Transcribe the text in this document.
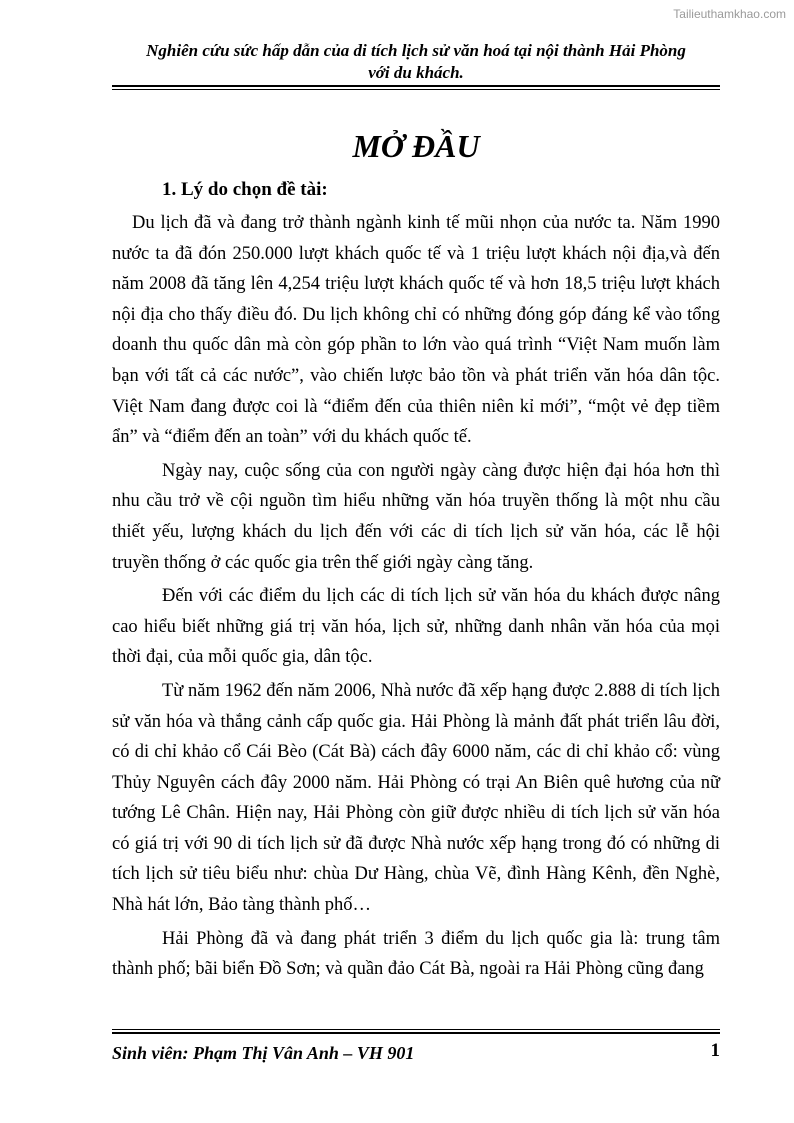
Tailieuthamkhao.com
Nghiên cứu sức hấp dẫn của di tích lịch sử văn hoá tại nội thành Hải Phòng
với du khách.
MỞ ĐẦU
1. Lý do chọn đề tài:

Du lịch đã và đang trở thành ngành kinh tế mũi nhọn của nước ta. Năm 1990 nước ta đã đón 250.000 lượt khách quốc tế và 1 triệu lượt khách nội địa,và đến năm 2008 đã tăng lên 4,254 triệu lượt khách quốc tế và hơn 18,5 triệu lượt khách nội địa cho thấy điều đó. Du lịch không chỉ có những đóng góp đáng kể vào tổng doanh thu quốc dân mà còn góp phần to lớn vào quá trình “Việt Nam muốn làm bạn với tất cả các nước”, vào chiến lược bảo tồn và phát triển văn hóa dân tộc. Việt Nam đang được coi là “điểm đến của thiên niên kỉ mới”, “một vẻ đẹp tiềm ẩn” và “điểm đến an toàn” với du khách quốc tế.

Ngày nay, cuộc sống của con người ngày càng được hiện đại hóa hơn thì nhu cầu trở về cội nguồn tìm hiểu những văn hóa truyền thống là một nhu cầu thiết yếu, lượng khách du lịch đến với các di tích lịch sử văn hóa, các lễ hội truyền thống ở các quốc gia trên thế giới ngày càng tăng.

Đến với các điểm du lịch các di tích lịch sử văn hóa du khách được nâng cao hiểu biết những giá trị văn hóa, lịch sử, những danh nhân văn hóa của mọi thời đại, của mỗi quốc gia, dân tộc.

Từ năm 1962 đến năm 2006, Nhà nước đã xếp hạng được 2.888 di tích lịch sử văn hóa và thắng cảnh cấp quốc gia. Hải Phòng là mảnh đất phát triển lâu đời, có di chỉ khảo cổ Cái Bèo (Cát Bà) cách đây 6000 năm, các di chỉ khảo cổ: vùng Thủy Nguyên cách đây 2000 năm. Hải Phòng có trại An Biên quê hương của nữ tướng Lê Chân. Hiện nay, Hải Phòng còn giữ được nhiều di tích lịch sử văn hóa có giá trị với 90 di tích lịch sử đã được Nhà nước xếp hạng trong đó có những di tích lịch sử tiêu biểu như: chùa Dư Hàng, chùa Vẽ, đình Hàng Kênh, đền Nghè, Nhà hát lớn, Bảo tàng thành phố…

Hải Phòng đã và đang phát triển 3 điểm du lịch quốc gia là: trung tâm thành phố; bãi biển Đồ Sơn; và quần đảo Cát Bà, ngoài ra Hải Phòng cũng đang

Sinh viên: Phạm Thị Vân Anh – VH 901	1
